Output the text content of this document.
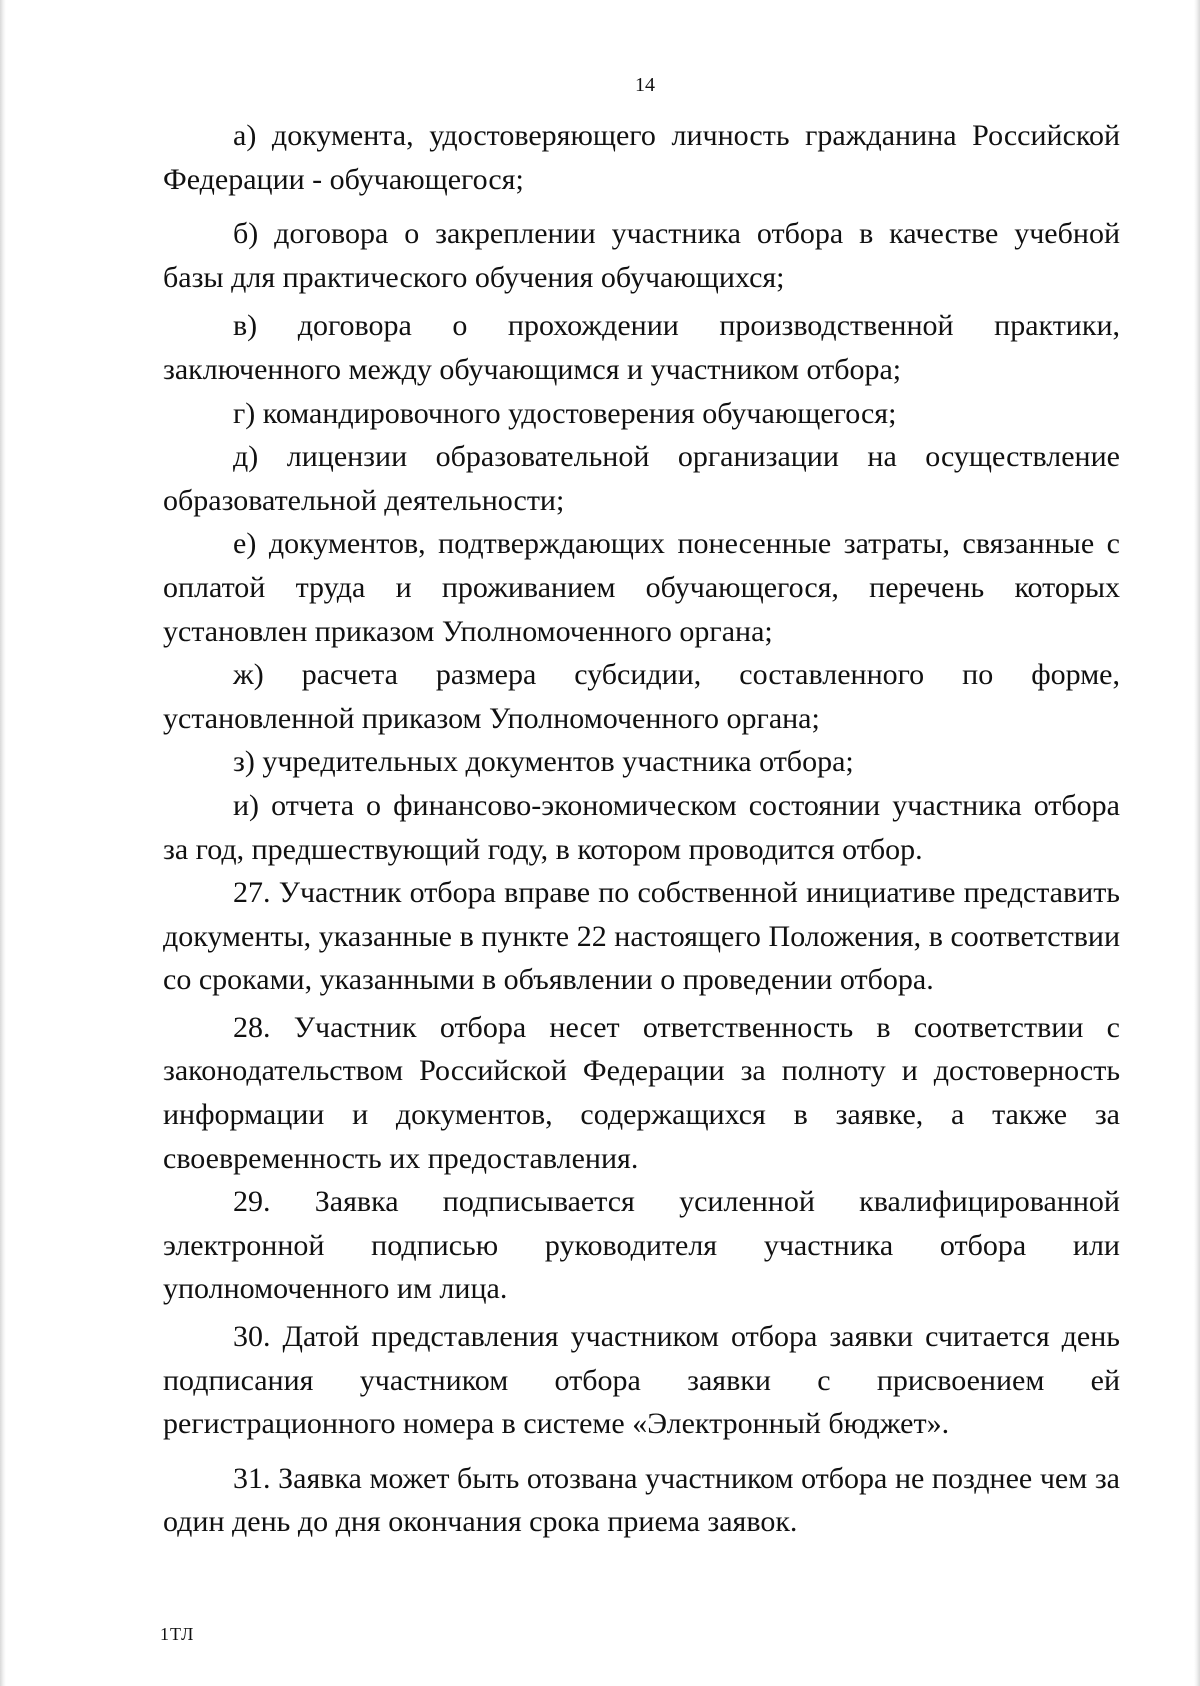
14

а) документа, удостоверяющего личность гражданина Российской Федерации - обучающегося;

б) договора о закреплении участника отбора в качестве учебной базы для практического обучения обучающихся;

в) договора о прохождении производственной практики, заключенного между обучающимся и участником отбора;

г) командировочного удостоверения обучающегося;

д) лицензии образовательной организации на осуществление образовательной деятельности;

е) документов, подтверждающих понесенные затраты, связанные с оплатой труда и проживанием обучающегося, перечень которых установлен приказом Уполномоченного органа;

ж) расчета размера субсидии, составленного по форме, установленной приказом Уполномоченного органа;

з) учредительных документов участника отбора;

и) отчета о финансово-экономическом состоянии участника отбора за год, предшествующий году, в котором проводится отбор.

27. Участник отбора вправе по собственной инициативе представить документы, указанные в пункте 22 настоящего Положения, в соответствии со сроками, указанными в объявлении о проведении отбора.

28. Участник отбора несет ответственность в соответствии с законодательством Российской Федерации за полноту и достоверность информации и документов, содержащихся в заявке, а также за своевременность их предоставления.

29. Заявка подписывается усиленной квалифицированной электронной подписью руководителя участника отбора или уполномоченного им лица.

30. Датой представления участником отбора заявки считается день подписания участником отбора заявки с присвоением ей регистрационного номера в системе «Электронный бюджет».

31. Заявка может быть отозвана участником отбора не позднее чем за один день до дня окончания срока приема заявок.

1ТЛ
